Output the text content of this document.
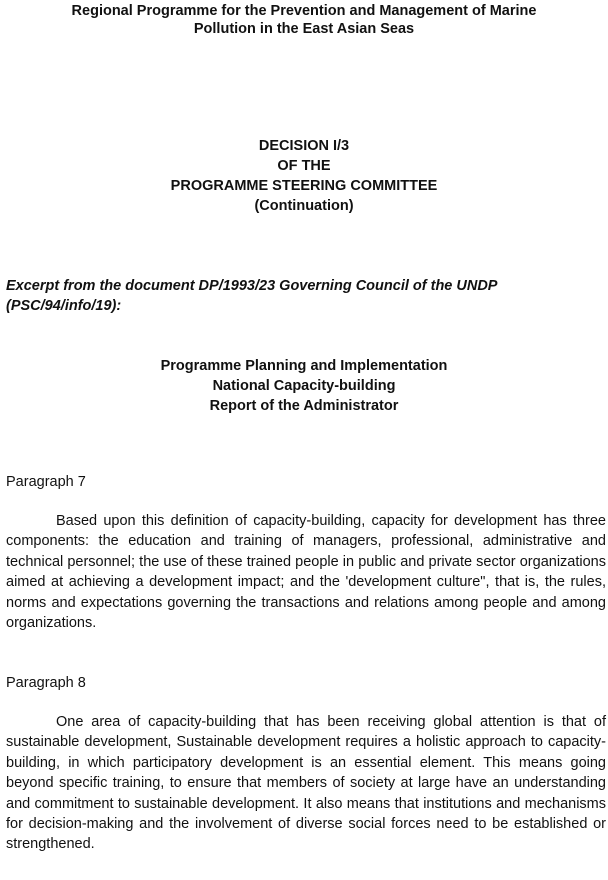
Regional Programme for the Prevention and Management of Marine
Pollution in the East Asian Seas
DECISION I/3
OF THE
PROGRAMME STEERING COMMITTEE
(Continuation)
Excerpt from the document DP/1993/23 Governing Council of the UNDP
(PSC/94/info/19):
Programme Planning and Implementation
National Capacity-building
Report of the Administrator
Paragraph 7
Based upon this definition of capacity-building, capacity for development has three components: the education and training of managers, professional, administrative and technical personnel; the use of these trained people in public and private sector organizations aimed at achieving a development impact; and the 'development culture", that is, the rules, norms and expectations governing the transactions and relations among people and among organizations.
Paragraph 8
One area of capacity-building that has been receiving global attention is that of sustainable development, Sustainable development requires a holistic approach to capacity-building, in which participatory development is an essential element. This means going beyond specific training, to ensure that members of society at large have an understanding and commitment to sustainable development. It also means that institutions and mechanisms for decision-making and the involvement of diverse social forces need to be established or strengthened.
